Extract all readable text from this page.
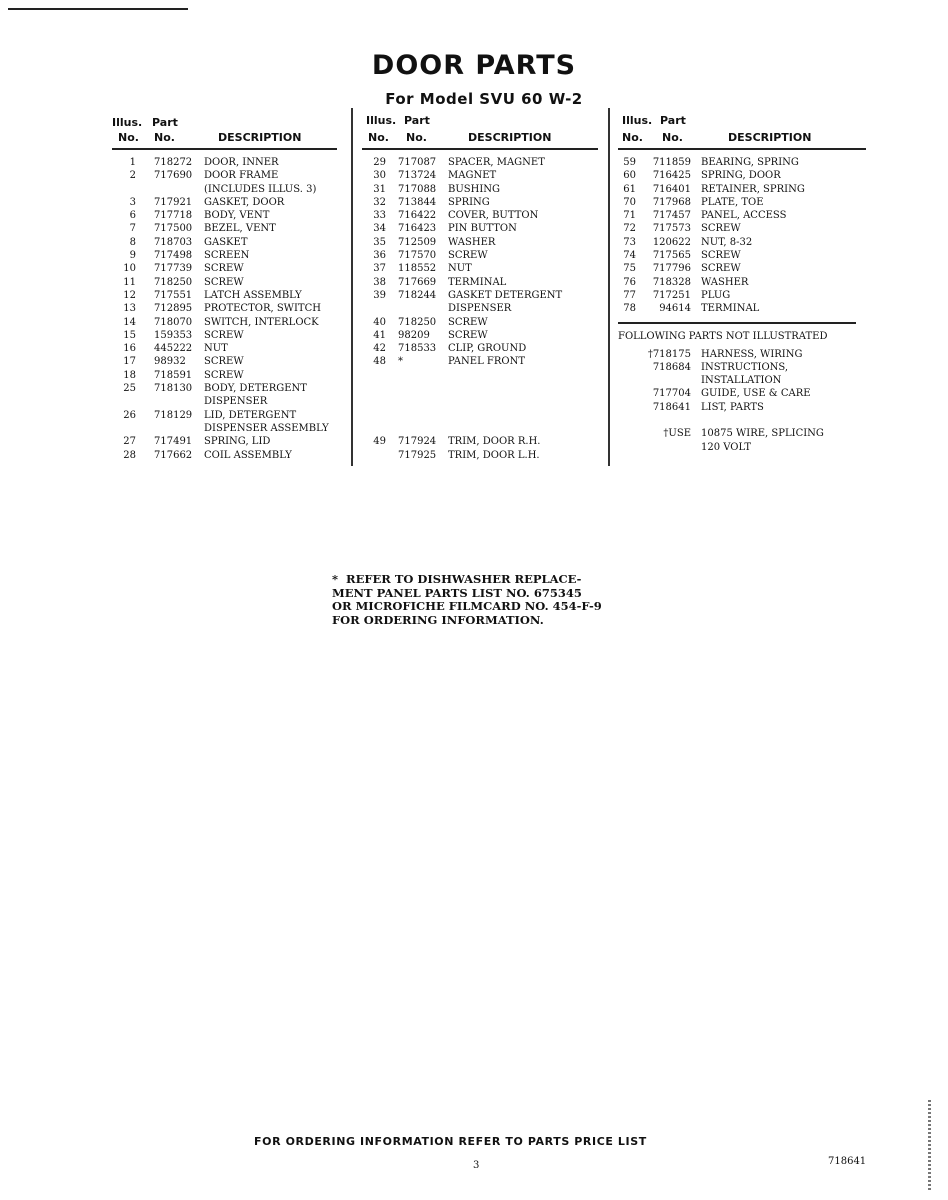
DOOR PARTS
For Model SVU 60 W-2
Illus. Part
No. No.	DESCRIPTION
1 718272 DOOR, INNER
2 717690 DOOR FRAME
(INCLUDES ILLUS. 3)
3 717921 GASKET, DOOR
6 717718 BODY, VENT
7 717500 BEZEL, VENT
8 718703 GASKET
9 717498 SCREEN
10 717739 SCREW
11 718250 SCREW
12 717551 LATCH ASSEMBLY
13 712895 PROTECTOR, SWITCH
14 718070 SWITCH, INTERLOCK
15 159353 SCREW
16 445222 NUT
17 98932 SCREW
18 718591 SCREW
25 718130 BODY, DETERGENT
DISPENSER
26 718129 LID, DETERGENT
DISPENSER ASSEMBLY
27 717491 SPRING, LID
28 717662 COIL ASSEMBLY
Illus. Part
No. No.	DESCRIPTION
29 717087 SPACER, MAGNET
30 713724 MAGNET
31 717088 BUSHING
32 713844 SPRING
33 716422 COVER, BUTTON
34 716423 PIN BUTTON
35 712509 WASHER
36 717570 SCREW
37 118552 NUT
38 717669 TERMINAL
39 718244 GASKET DETERGENT
DISPENSER
40 718250 SCREW
41 98209 SCREW
42 718533 CLIP, GROUND
48 *	PANEL FRONT
49 717924 TRIM, DOOR R.H.
717925 TRIM, DOOR L.H.
Illus. Part
No. No.	DESCRIPTION
59	711859 BEARING, SPRING
60	716425 SPRING, DOOR
61	716401 RETAINER, SPRING
70	717968 PLATE, TOE
71	717457 PANEL, ACCESS
72	717573 SCREW
73	120622 NUT, 8-32
74	717565 SCREW
75	717796 SCREW
76	718328 WASHER
77	717251 PLUG
78	94614 TERMINAL
FOLLOWING PARTS NOT ILLUSTRATED
†718175 HARNESS, WIRING
718684 INSTRUCTIONS,
INSTALLATION
717704 GUIDE, USE & CARE
718641 LIST, PARTS
†USE 10875 WIRE, SPLICING
120 VOLT
*  REFER TO DISHWASHER REPLACE-
MENT PANEL PARTS LIST NO. 675345
OR MICROFICHE FILMCARD NO. 454-F-9
FOR ORDERING INFORMATION.
FOR ORDERING INFORMATION REFER TO PARTS PRICE LIST
3	718641
